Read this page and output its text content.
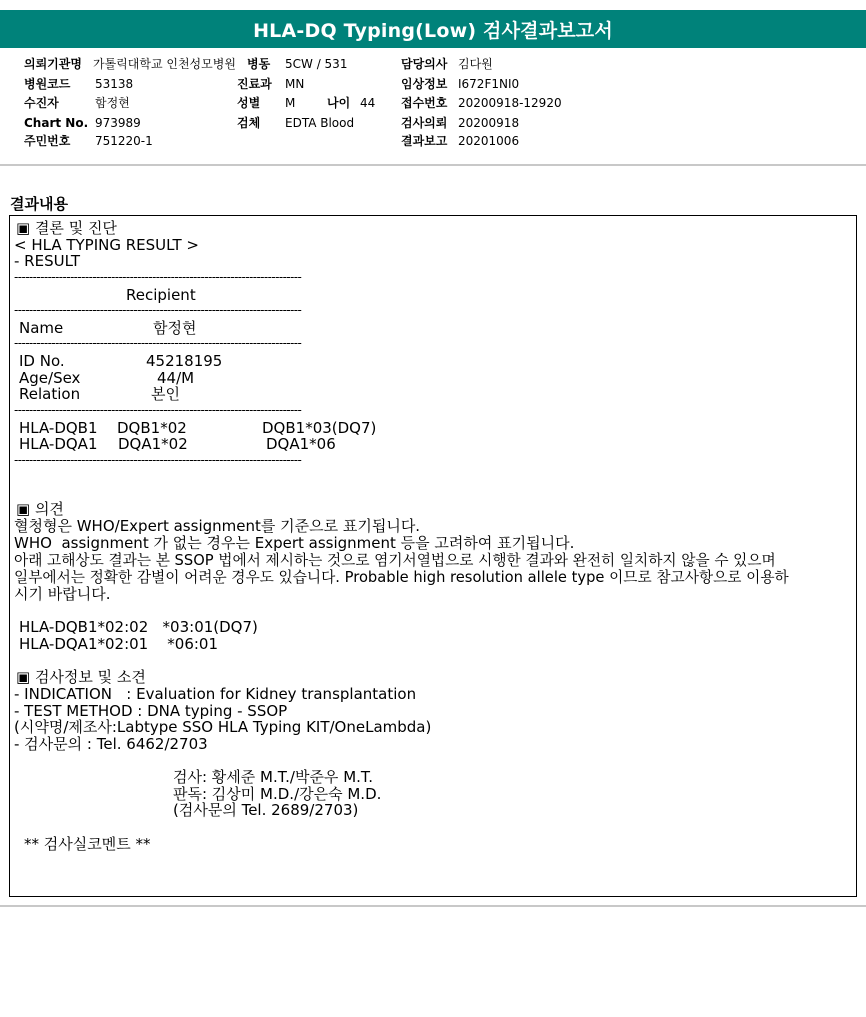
HLA-DQ Typing(Low) 검사결과보고서
의뢰기관명 가톨릭대학교 인천성모병원
병원코드 53138
수진자	함정현
Chart No. 973989
주민번호 751220-1
병동 5CW / 531
진료과 MN
성별 M	나이 44
검체 EDTA Blood
담당의사 김다원
임상정보 I672F1NI0
접수번호 20200918-12920
검사의뢰 20200918
결과보고 20201006
결과내용
▣ 결론 및 진단
< HLA TYPING RESULT >
- RESULT
-----------------------------------------------------------------------------
Recipient
-----------------------------------------------------------------------------
Name	함정현
-----------------------------------------------------------------------------
ID No.	45218195
Age/Sex	44/M
Relation	본인
-----------------------------------------------------------------------------
HLA-DQB1 DQB1*02	DQB1*03(DQ7)
HLA-DQA1 DQA1*02	DQA1*06
-----------------------------------------------------------------------------
▣ 의견
혈청형은 WHO/Expert assignment를 기준으로 표기됩니다.
WHO  assignment 가 없는 경우는 Expert assignment 등을 고려하여 표기됩니다.
아래 고해상도 결과는 본 SSOP 법에서 제시하는 것으로 염기서열법으로 시행한 결과와 완전히 일치하지 않을 수 있으며
일부에서는 정확한 감별이 어려운 경우도 있습니다. Probable high resolution allele type 이므로 참고사항으로 이용하
시기 바랍니다.
HLA-DQB1*02:02   *03:01(DQ7)
HLA-DQA1*02:01    *06:01
▣ 검사정보 및 소견
- INDICATION   : Evaluation for Kidney transplantation
- TEST METHOD : DNA typing - SSOP
(시약명/제조사:Labtype SSO HLA Typing KIT/OneLambda)
- 검사문의 : Tel. 6462/2703
검사: 황세준 M.T./박준우 M.T.
판독: 김상미 M.D./강은숙 M.D.
(검사문의 Tel. 2689/2703)
** 검사실코멘트 **
